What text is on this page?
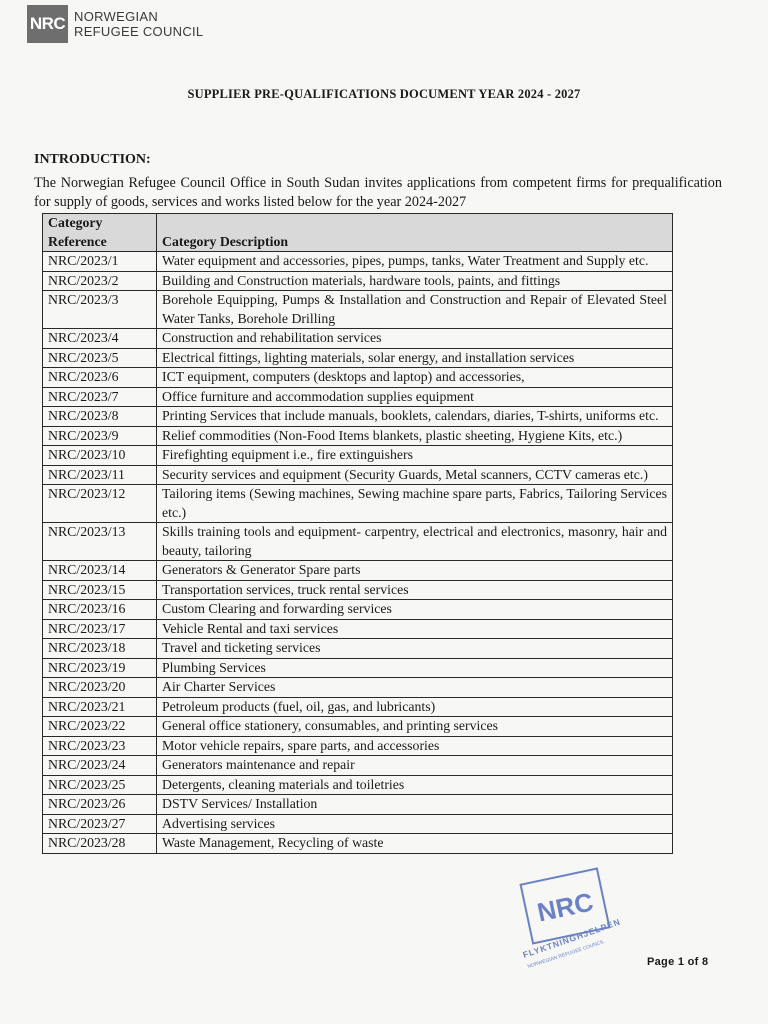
NRC NORWEGIAN
REFUGEE COUNCIL
SUPPLIER PRE-QUALIFICATIONS DOCUMENT YEAR 2024 - 2027
INTRODUCTION:
The Norwegian Refugee Council Office in South Sudan invites applications from competent firms for prequalification for supply of goods, services and works listed below for the year 2024-2027
Category Reference	Category Description
NRC/2023/1	Water equipment and accessories, pipes, pumps, tanks, Water Treatment and Supply etc.
NRC/2023/2	Building and Construction materials, hardware tools, paints, and fittings
NRC/2023/3	Borehole Equipping, Pumps & Installation and Construction and Repair of Elevated Steel Water Tanks, Borehole Drilling
NRC/2023/4	Construction and rehabilitation services
NRC/2023/5	Electrical fittings, lighting materials, solar energy, and installation services
NRC/2023/6	ICT equipment, computers (desktops and laptop) and accessories,
NRC/2023/7	Office furniture and accommodation supplies equipment
NRC/2023/8	Printing Services that include manuals, booklets, calendars, diaries, T-shirts, uniforms etc.
NRC/2023/9	Relief commodities (Non-Food Items blankets, plastic sheeting, Hygiene Kits, etc.)
NRC/2023/10	Firefighting equipment i.e., fire extinguishers
NRC/2023/11	Security services and equipment (Security Guards, Metal scanners, CCTV cameras etc.)
NRC/2023/12	Tailoring items (Sewing machines, Sewing machine spare parts, Fabrics, Tailoring Services etc.)
NRC/2023/13	Skills training tools and equipment- carpentry, electrical and electronics, masonry, hair and beauty, tailoring
NRC/2023/14	Generators & Generator Spare parts
NRC/2023/15	Transportation services, truck rental services
NRC/2023/16	Custom Clearing and forwarding services
NRC/2023/17	Vehicle Rental and taxi services
NRC/2023/18	Travel and ticketing services
NRC/2023/19	Plumbing Services
NRC/2023/20	Air Charter Services
NRC/2023/21	Petroleum products (fuel, oil, gas, and lubricants)
NRC/2023/22	General office stationery, consumables, and printing services
NRC/2023/23	Motor vehicle repairs, spare parts, and accessories
NRC/2023/24	Generators maintenance and repair
NRC/2023/25	Detergents, cleaning materials and toiletries
NRC/2023/26	DSTV Services/ Installation
NRC/2023/27	Advertising services
NRC/2023/28	Waste Management, Recycling of waste
NRC
FLYKTNINGHJELPEN
NORWEGIAN REFUGEE COUNCIL
Page 1 of 8
